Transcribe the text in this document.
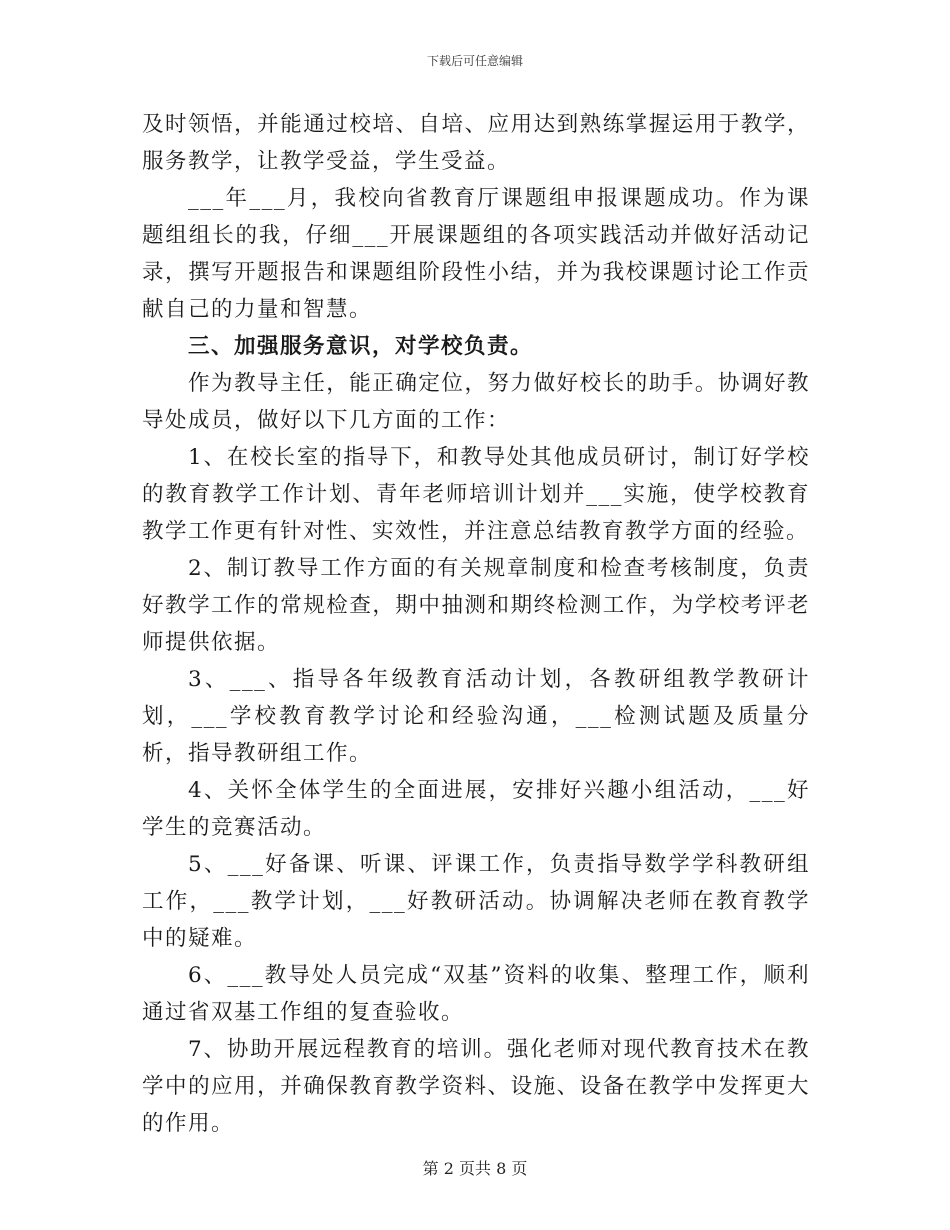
下载后可任意编辑

及时领悟，并能通过校培、自培、应用达到熟练掌握运用于教学，服务教学，让教学受益，学生受益。

___年___月，我校向省教育厅课题组申报课题成功。作为课题组组长的我，仔细___开展课题组的各项实践活动并做好活动记录，撰写开题报告和课题组阶段性小结，并为我校课题讨论工作贡献自己的力量和智慧。

三、加强服务意识，对学校负责。

作为教导主任，能正确定位，努力做好校长的助手。协调好教导处成员，做好以下几方面的工作：

1、在校长室的指导下，和教导处其他成员研讨，制订好学校的教育教学工作计划、青年老师培训计划并___实施，使学校教育教学工作更有针对性、实效性，并注意总结教育教学方面的经验。

2、制订教导工作方面的有关规章制度和检查考核制度，负责好教学工作的常规检查，期中抽测和期终检测工作，为学校考评老师提供依据。

3、___、指导各年级教育活动计划，各教研组教学教研计划，___学校教育教学讨论和经验沟通，___检测试题及质量分析，指导教研组工作。

4、关怀全体学生的全面进展，安排好兴趣小组活动，___好学生的竞赛活动。

5、___好备课、听课、评课工作，负责指导数学学科教研组工作，___教学计划，___好教研活动。协调解决老师在教育教学中的疑难。

6、___教导处人员完成“双基”资料的收集、整理工作，顺利通过省双基工作组的复查验收。

7、协助开展远程教育的培训。强化老师对现代教育技术在教学中的应用，并确保教育教学资料、设施、设备在教学中发挥更大的作用。

第 2 页共 8 页
